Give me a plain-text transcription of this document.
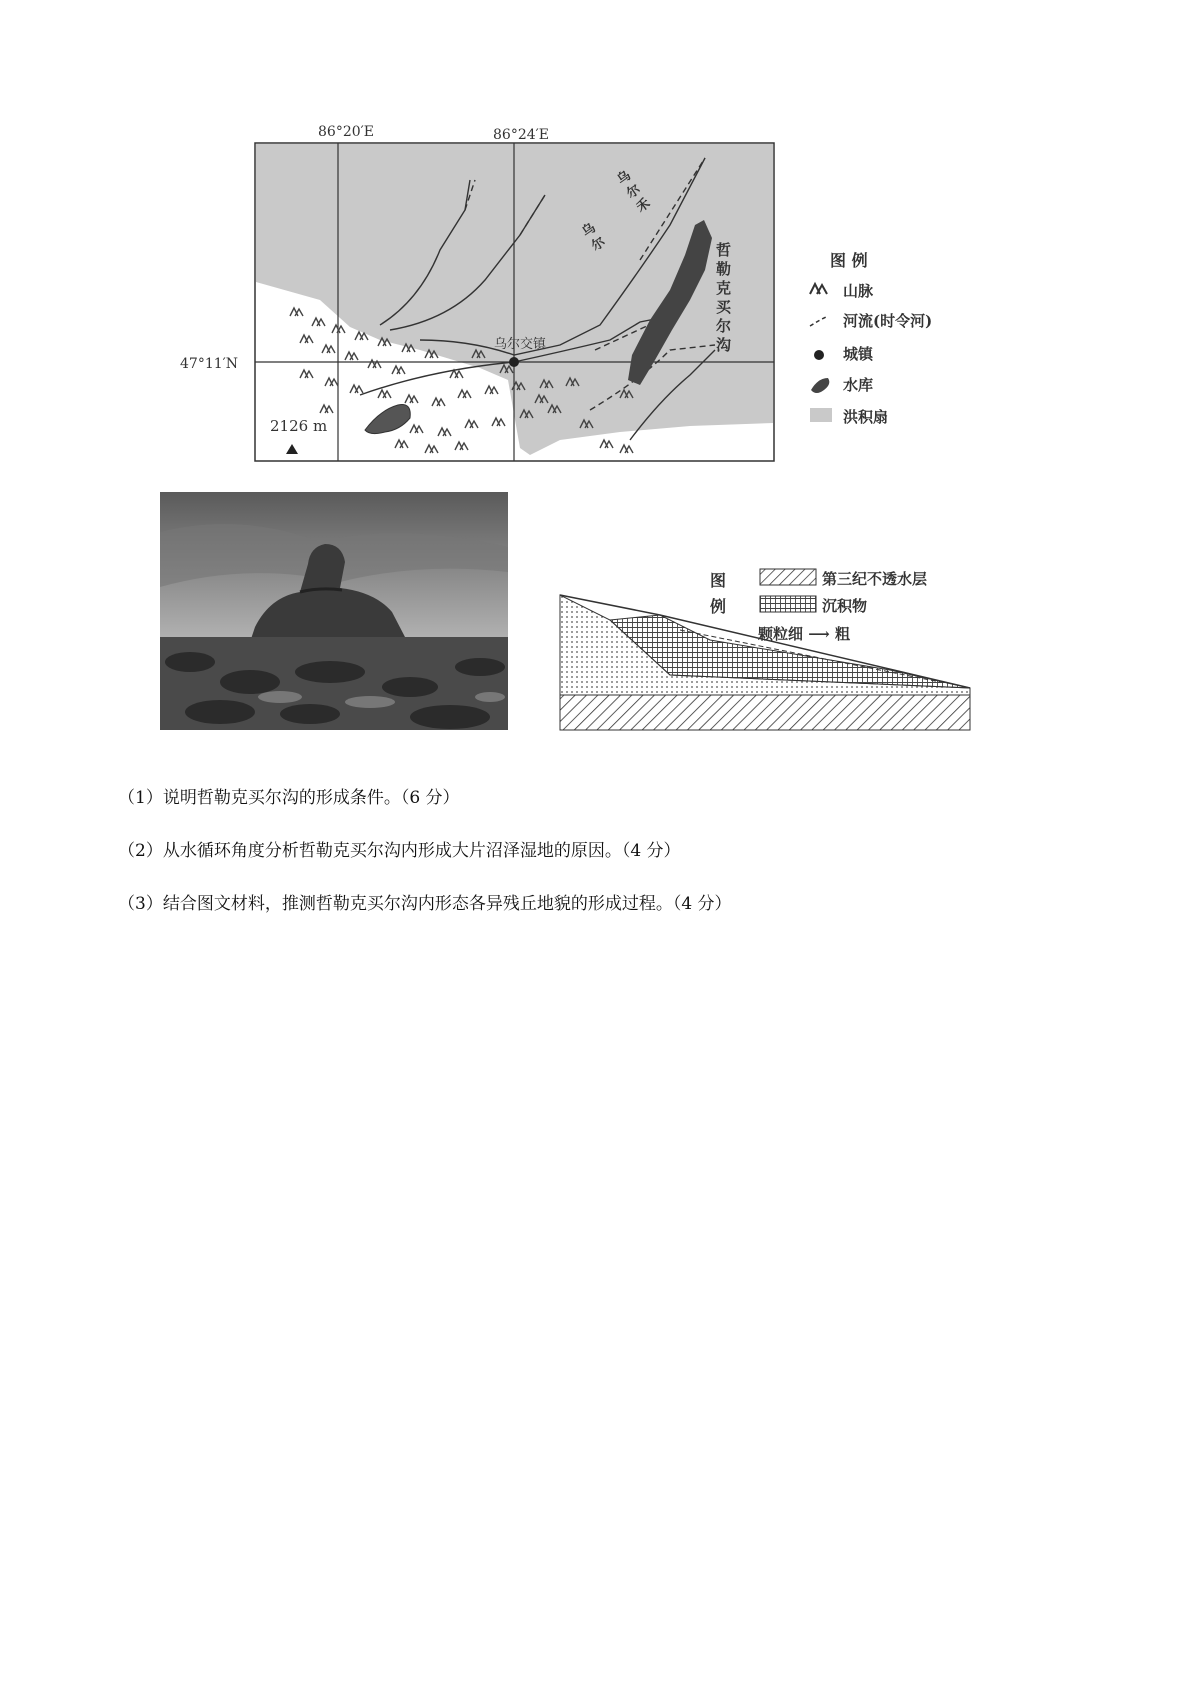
86°20′E	86°24′E
47°11′N
2126 m
乌尔交镇
乌尔禾
乌尔
哲勒克买尔沟	图 例
山脉
河流(时令河)
城镇
水库
洪积扇
图
例
第三纪不透水层
沉积物
颗粒细 ⟶ 粗
（1）说明哲勒克买尔沟的形成条件。（6 分）
（2）从水循环角度分析哲勒克买尔沟内形成大片沼泽湿地的原因。（4 分）
（3）结合图文材料，推测哲勒克买尔沟内形态各异残丘地貌的形成过程。（4 分）
